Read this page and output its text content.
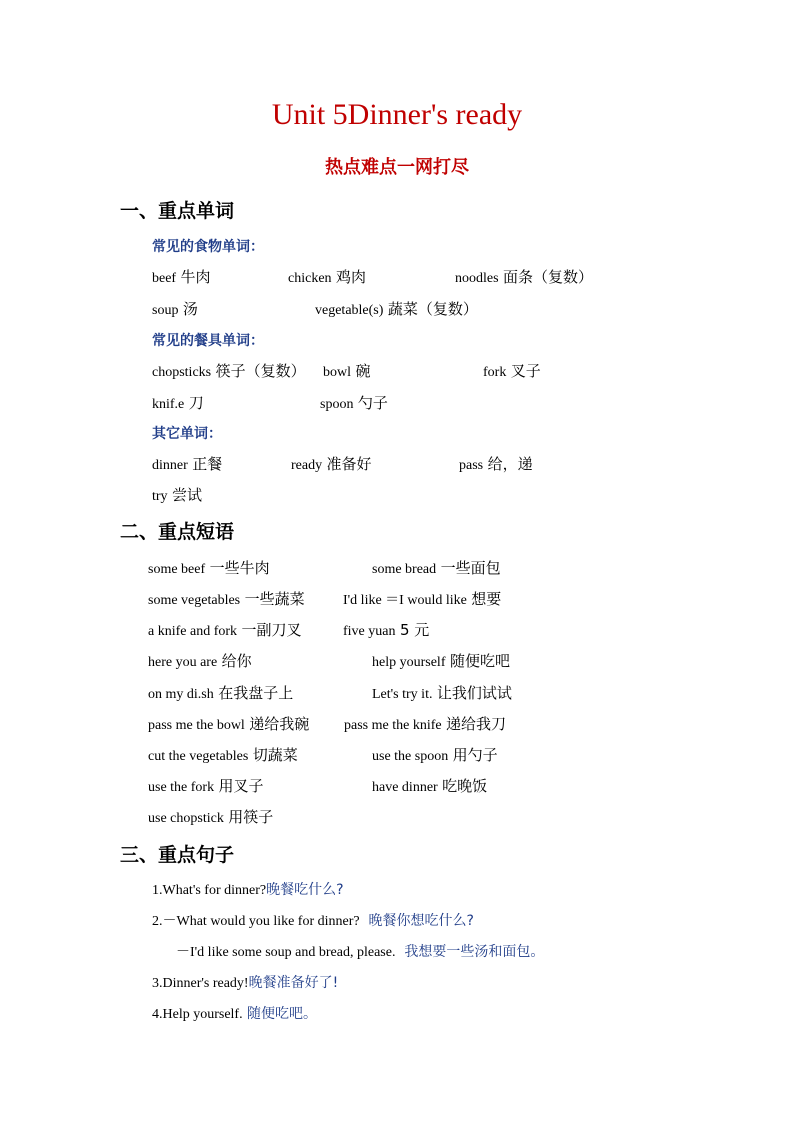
Unit 5Dinner's ready
热点难点一网打尽
一、重点单词
常见的食物单词：
beef 牛肉	chicken 鸡肉	noodles 面条（复数）
soup 汤	vegetable(s) 蔬菜（复数）
常见的餐具单词：
chopsticks 筷子（复数） bowl 碗	fork 叉子
knif.e 刀	spoon 勺子
其它单词：
dinner 正餐	ready 准备好	pass 给，递
try 尝试
二、重点短语
some beef 一些牛肉	some bread 一些面包
some vegetables 一些蔬菜	I'd like ＝I would like 想要
a knife and fork 一副刀叉	five yuan 5 元
here you are 给你	help yourself 随便吃吧
on my di.sh 在我盘子上	Let's try it. 让我们试试
pass me the bowl 递给我碗 pass me the knife 递给我刀
cut the vegetables 切蔬菜	use the spoon 用勺子
use the fork 用叉子	have dinner 吃晚饭
use chopstick 用筷子
三、重点句子
1.What's for dinner?晚餐吃什么?
2.－What would you like for dinner? 晚餐你想吃什么?
－I'd like some soup and bread, please. 我想要一些汤和面包。
3.Dinner's ready!晚餐准备好了!
4.Help yourself. 随便吃吧。
